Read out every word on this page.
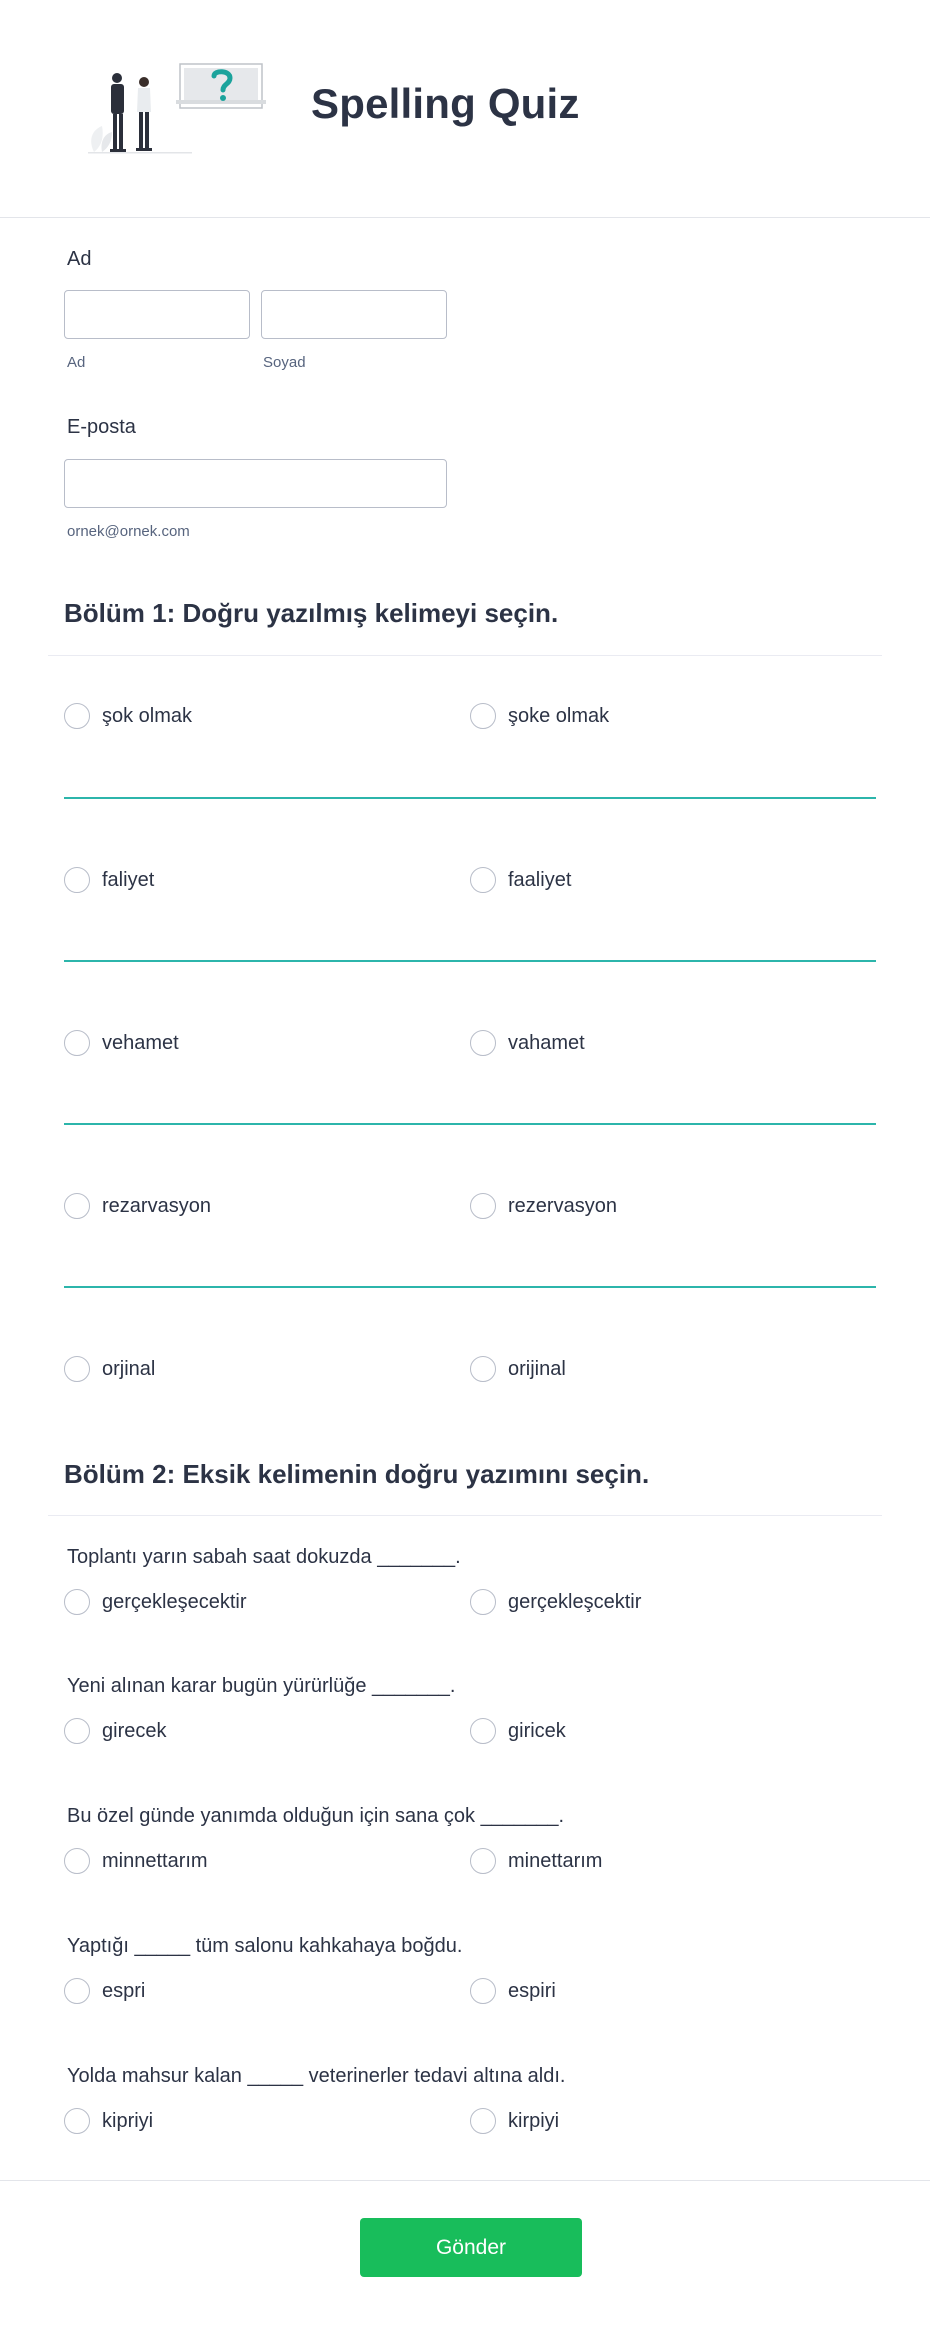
Spelling Quiz
Ad
Ad	Soyad
E-posta
ornek@ornek.com
Bölüm 1: Doğru yazılmış kelimeyi seçin.
şok olmak	şoke olmak
faliyet	faaliyet
vehamet	vahamet
rezarvasyon	rezervasyon
orjinal	orijinal
Bölüm 2: Eksik kelimenin doğru yazımını seçin.
Toplantı yarın sabah saat dokuzda _______.
gerçekleşecektir	gerçekleşcektir
Yeni alınan karar bugün yürürlüğe _______.
girecek	giricek
Bu özel günde yanımda olduğun için sana çok _______.
minnettarım	minettarım
Yaptığı _____ tüm salonu kahkahaya boğdu.
espri	espiri
Yolda mahsur kalan _____ veterinerler tedavi altına aldı.
kipriyi	kirpiyi
Gönder
